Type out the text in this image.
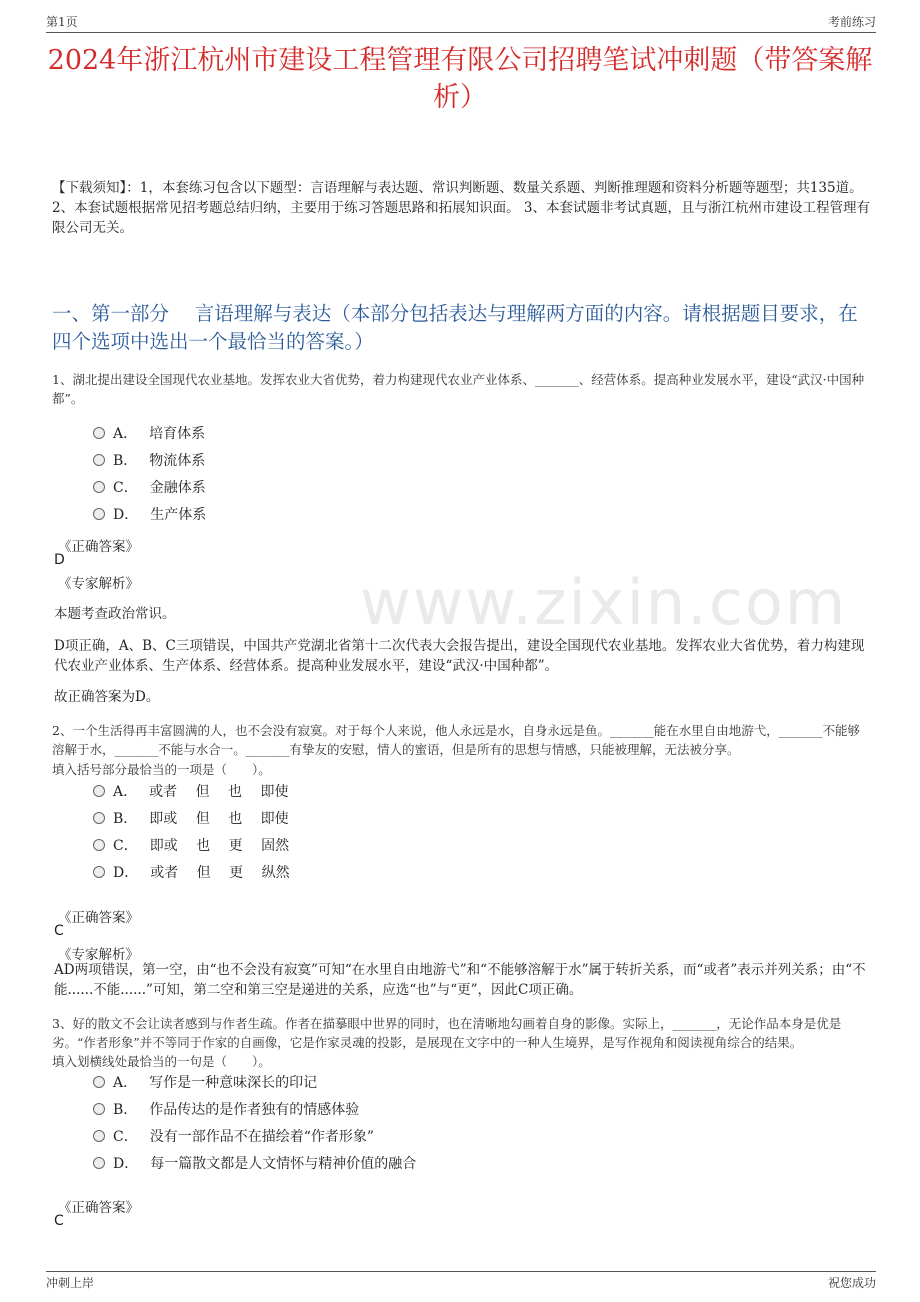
第1页	考前练习
www.zixin.com
2024年浙江杭州市建设工程管理有限公司招聘笔试冲刺题（带答案解析）
【下载须知】：1，本套练习包含以下题型：言语理解与表达题、常识判断题、数量关系题、判断推理题和资料分析题等题型；共135道。 2、本套试题根据常见招考题总结归纳，主要用于练习答题思路和拓展知识面。 3、本套试题非考试真题，且与浙江杭州市建设工程管理有限公司无关。
一、第一部分　 言语理解与表达（本部分包括表达与理解两方面的内容。请根据题目要求，在四个选项中选出一个最恰当的答案。）
1、湖北提出建设全国现代农业基地。发挥农业大省优势，着力构建现代农业产业体系、_______、经营体系。提高种业发展水平，建设“武汉·中国种都”。
A． 培育体系
B． 物流体系
C． 金融体系
D． 生产体系
《正确答案》
D
《专家解析》
本题考查政治常识。
D项正确，A、B、C三项错误，中国共产党湖北省第十二次代表大会报告提出，建设全国现代农业基地。发挥农业大省优势，着力构建现代农业产业体系、生产体系、经营体系。提高种业发展水平，建设“武汉·中国种都”。
故正确答案为D。
2、一个生活得再丰富圆满的人，也不会没有寂寞。对于每个人来说，他人永远是水，自身永远是鱼。_______能在水里自由地游弋，_______不能够溶解于水，_______不能与水合一。_______有挚友的安慰，情人的蜜语，但是所有的思想与情感，只能被理解，无法被分享。
填入括号部分最恰当的一项是（　　）。
A． 或者 但 也 即使
B． 即或 但 也 即使
C． 即或 也 更 固然
D． 或者 但 更 纵然
《正确答案》
C
《专家解析》
AD两项错误，第一空，由“也不会没有寂寞”可知“在水里自由地游弋”和“不能够溶解于水”属于转折关系，而“或者”表示并列关系；由“不能......不能......”可知，第二空和第三空是递进的关系，应选“也”与“更”，因此C项正确。
3、好的散文不会让读者感到与作者生疏。作者在描摹眼中世界的同时，也在清晰地勾画着自身的影像。实际上，_______，无论作品本身是优是劣。“作者形象”并不等同于作家的自画像，它是作家灵魂的投影，是展现在文字中的一种人生境界，是写作视角和阅读视角综合的结果。
填入划横线处最恰当的一句是（　　）。
A． 写作是一种意味深长的印记
B． 作品传达的是作者独有的情感体验
C． 没有一部作品不在描绘着“作者形象”
D． 每一篇散文都是人文情怀与精神价值的融合
《正确答案》
C
冲刺上岸	祝您成功
